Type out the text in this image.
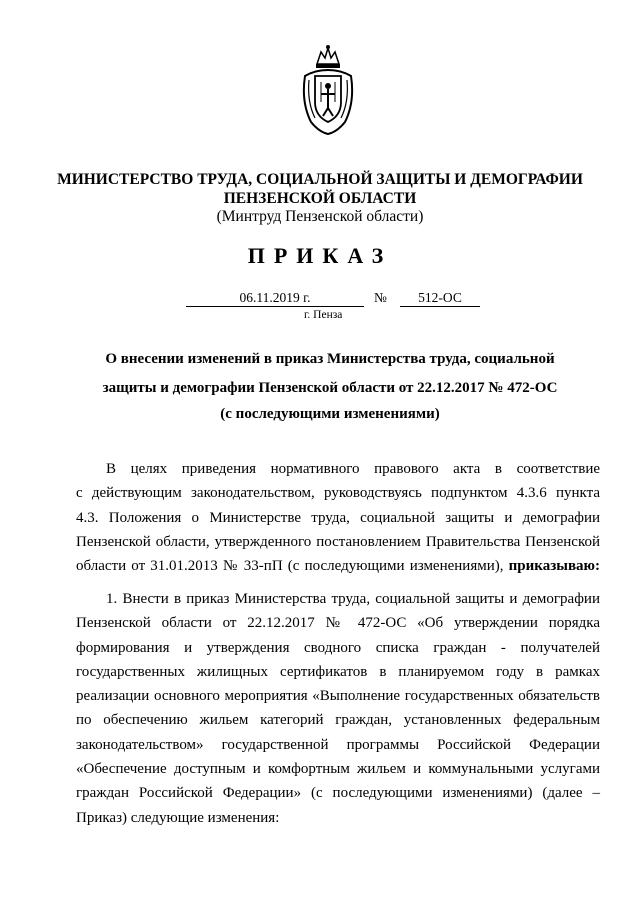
МИНИСТЕРСТВО ТРУДА, СОЦИАЛЬНОЙ ЗАЩИТЫ И ДЕМОГРАФИИ
ПЕНЗЕНСКОЙ ОБЛАСТИ
(Минтруд Пензенской области)
ПРИКАЗ
06.11.2019 г.	№	512-ОС
г. Пенза
О внесении изменений в приказ Министерства труда, социальной
защиты и демографии Пензенской области от 22.12.2017 № 472-ОС
(с последующими изменениями)
В целях приведения нормативного правового акта в соответствие
с действующим законодательством, руководствуясь подпунктом 4.3.6 пункта
4.3. Положения о Министерстве труда, социальной защиты и демографии
Пензенской области, утвержденного постановлением Правительства Пензенской
области от 31.01.2013 № 33-пП (с последующими изменениями), приказываю:
1. Внести в приказ Министерства труда, социальной защиты и демографии
Пензенской области от 22.12.2017 № 472-ОС «Об утверждении порядка
формирования и утверждения сводного списка граждан - получателей
государственных жилищных сертификатов в планируемом году в рамках
реализации основного мероприятия «Выполнение государственных обязательств
по обеспечению жильем категорий граждан, установленных федеральным
законодательством» государственной программы Российской Федерации
«Обеспечение доступным и комфортным жильем и коммунальными услугами
граждан Российской Федерации» (с последующими изменениями) (далее –
Приказ) следующие изменения:
